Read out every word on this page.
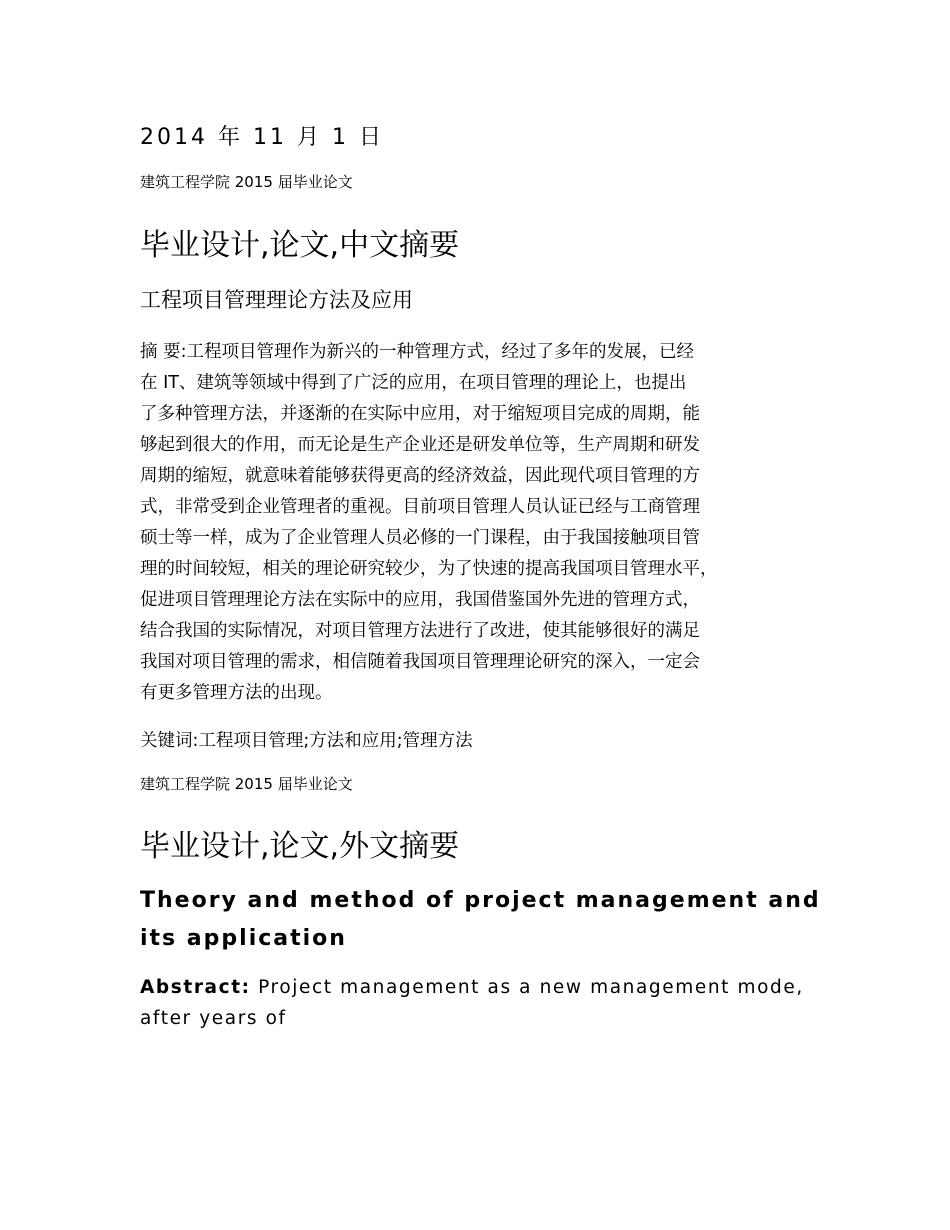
2014 年 11 月 1 日
建筑工程学院 2015 届毕业论文
毕业设计,论文,中文摘要
工程项目管理理论方法及应用
摘 要:工程项目管理作为新兴的一种管理方式，经过了多年的发展，已经
在 IT、建筑等领域中得到了广泛的应用，在项目管理的理论上，也提出
了多种管理方法，并逐渐的在实际中应用，对于缩短项目完成的周期，能
够起到很大的作用，而无论是生产企业还是研发单位等，生产周期和研发
周期的缩短，就意味着能够获得更高的经济效益，因此现代项目管理的方
式，非常受到企业管理者的重视。目前项目管理人员认证已经与工商管理
硕士等一样，成为了企业管理人员必修的一门课程，由于我国接触项目管
理的时间较短，相关的理论研究较少，为了快速的提高我国项目管理水平，
促进项目管理理论方法在实际中的应用，我国借鉴国外先进的管理方式，
结合我国的实际情况，对项目管理方法进行了改进，使其能够很好的满足
我国对项目管理的需求，相信随着我国项目管理理论研究的深入，一定会
有更多管理方法的出现。
关键词:工程项目管理;方法和应用;管理方法
建筑工程学院 2015 届毕业论文
毕业设计,论文,外文摘要
Theory and method of project management and
its application
Abstract: Project management as a new management mode,
after years of
